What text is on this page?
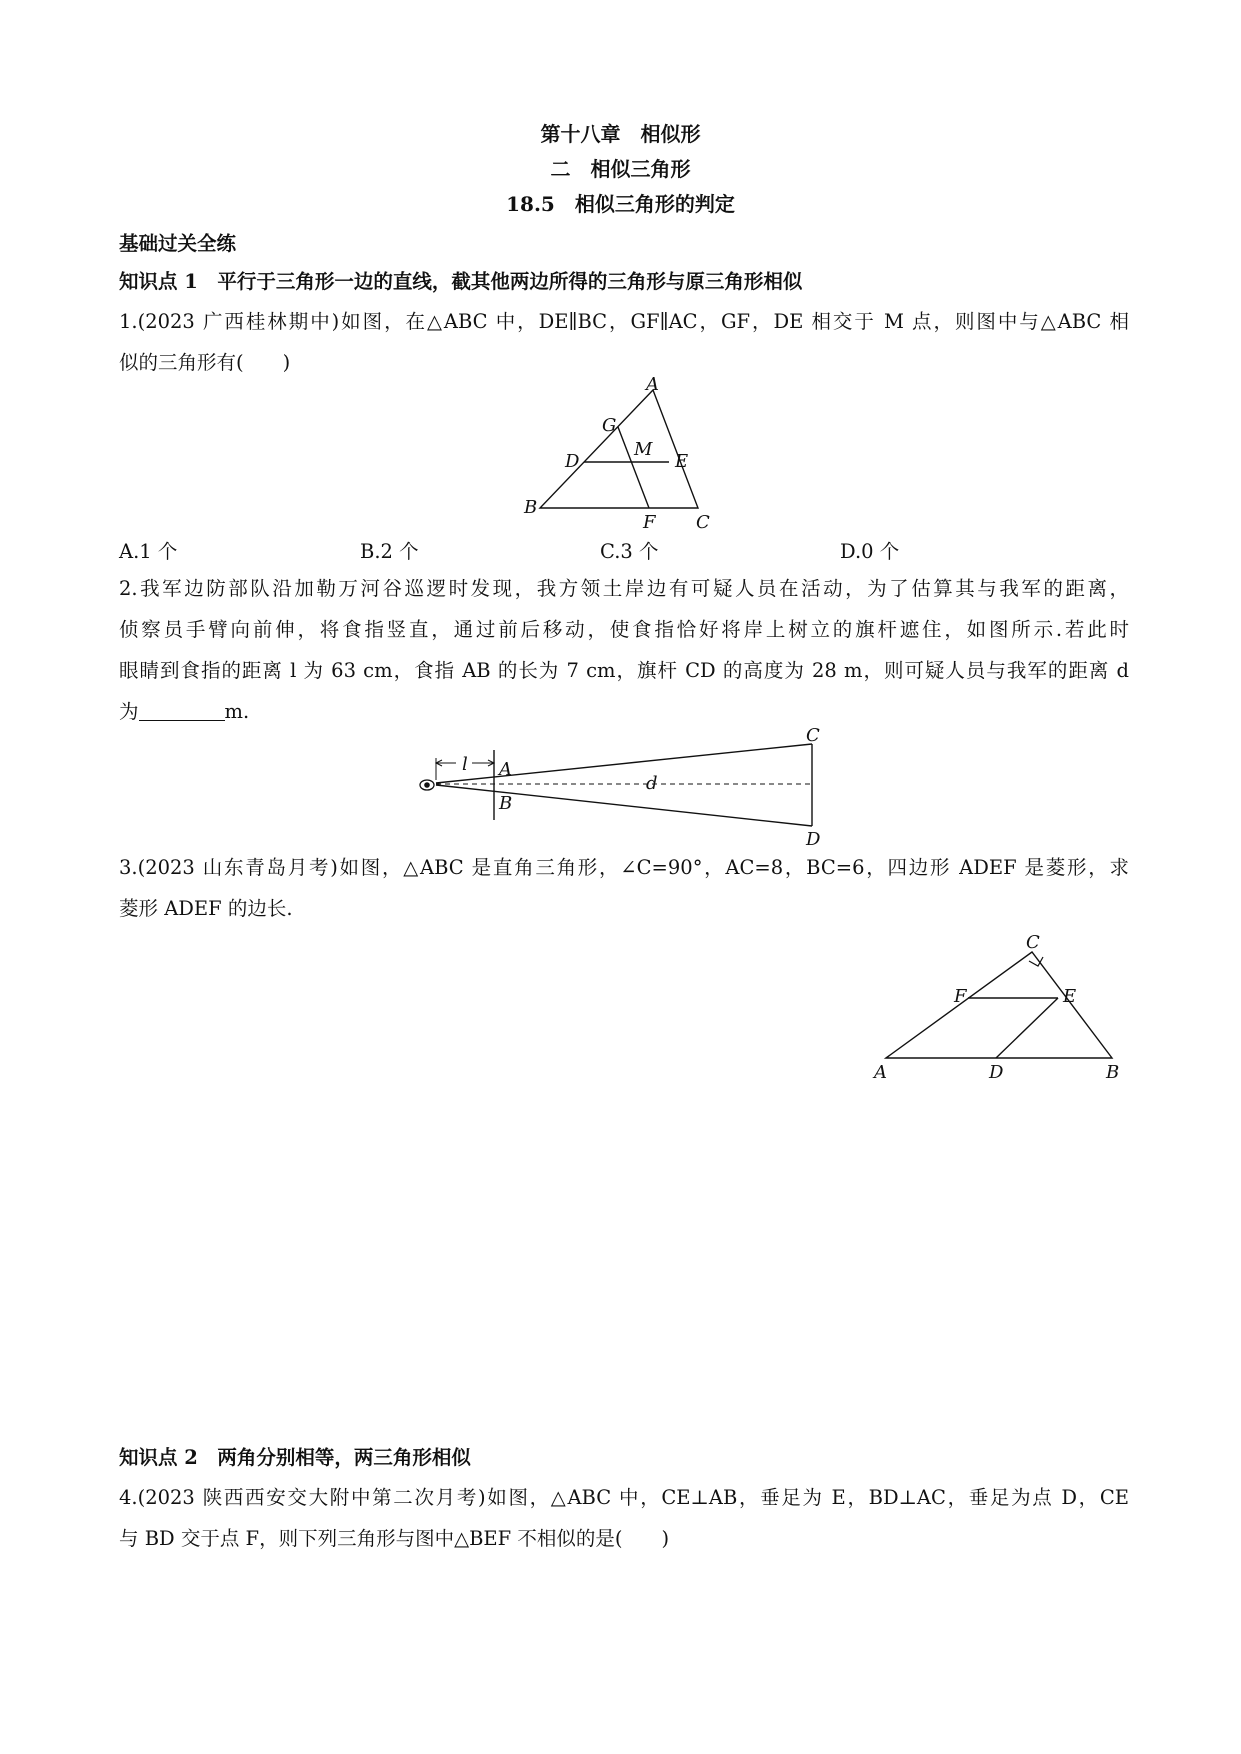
第十八章　相似形
二　相似三角形
18.5　相似三角形的判定
基础过关全练
知识点 1　平行于三角形一边的直线，截其他两边所得的三角形与原三角形相似
1.(2023 广西桂林期中)如图，在△ABC 中，DE∥BC，GF∥AC，GF，DE 相交于 M 点，则图中与△ABC 相
似的三角形有(　　)
A
G
D
M
E
B
F C
A.1 个	B.2 个	C.3 个	D.0 个
2.我军边防部队沿加勒万河谷巡逻时发现，我方领土岸边有可疑人员在活动，为了估算其与我军的距离，
侦察员手臂向前伸，将食指竖直，通过前后移动，使食指恰好将岸上树立的旗杆遮住，如图所示.若此时
眼睛到食指的距离 l 为 63 cm，食指 AB 的长为 7 cm，旗杆 CD 的高度为 28 m，则可疑人员与我军的距离 d
为	m.
l A
B
C
d
D
3.(2023 山东青岛月考)如图，△ABC 是直角三角形，∠C=90°，AC=8，BC=6，四边形 ADEF 是菱形，求
菱形 ADEF 的边长.
C
F	E
A	D	B
知识点 2　两角分别相等，两三角形相似
4.(2023 陕西西安交大附中第二次月考)如图，△ABC 中，CE⊥AB，垂足为 E，BD⊥AC，垂足为点 D，CE
与 BD 交于点 F，则下列三角形与图中△BEF 不相似的是(　　)
